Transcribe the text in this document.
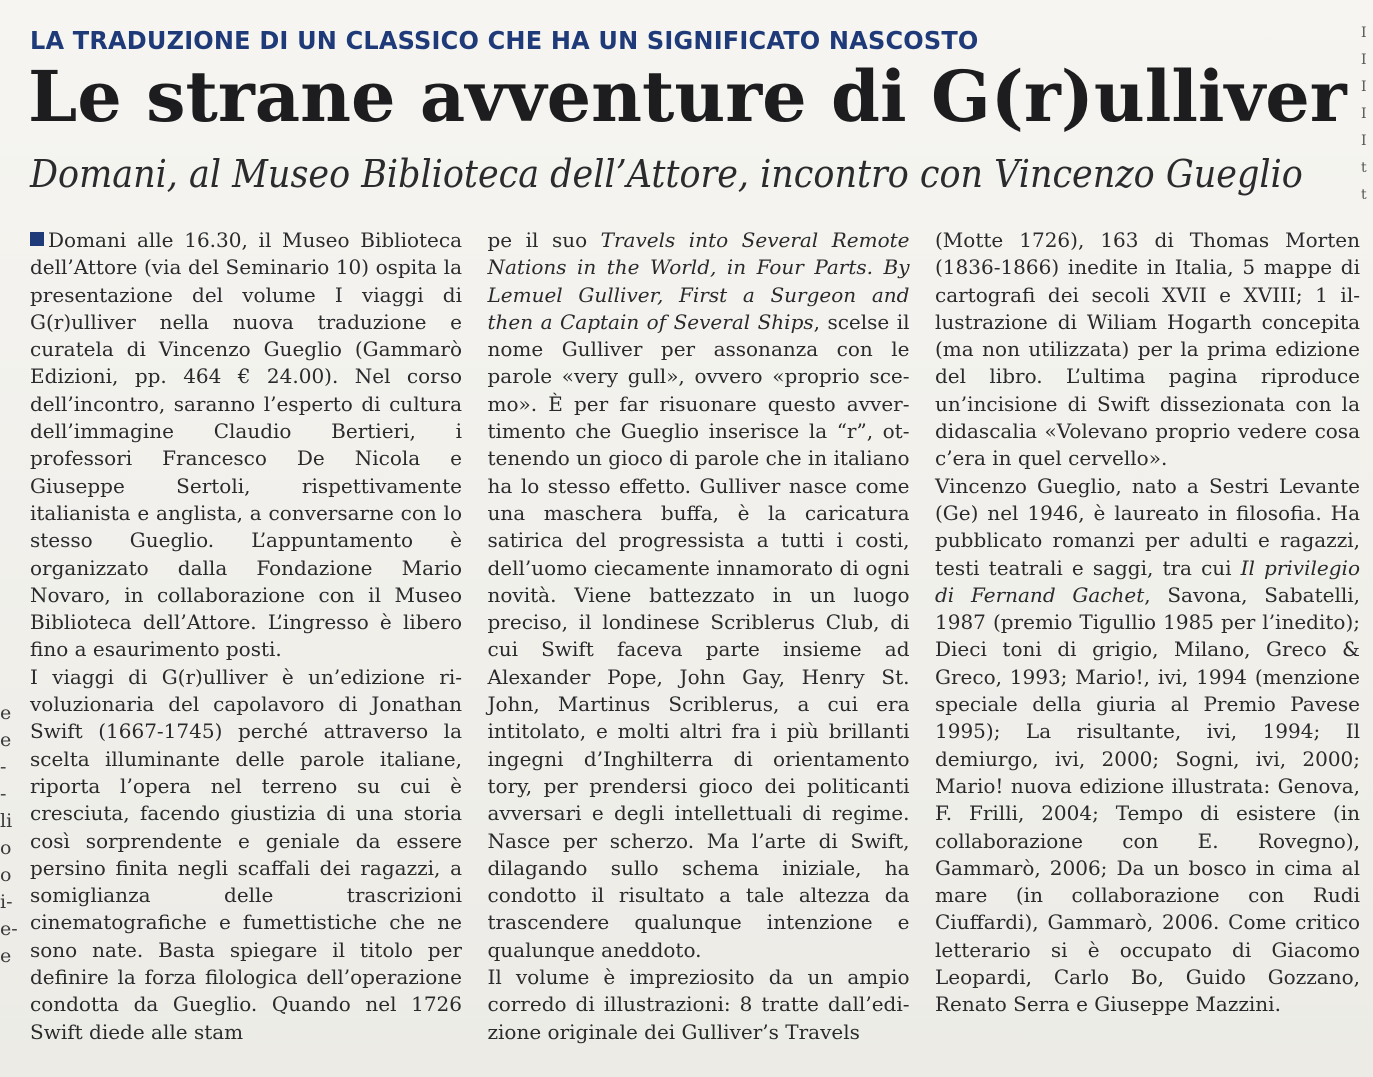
LA TRADUZIONE DI UN CLASSICO CHE HA UN SIGNIFICATO NASCOSTO
Le strane avventure di G(r)ulliver
Domani, al Museo Biblioteca dell’Attore, incontro con Vincenzo Gueglio

Domani alle 16.30, il Museo Biblioteca dell’Attore (via del Seminario 10) ospita la presentazione del volume I viaggi di G(r)ulliver nella nuova traduzione e curatela di Vincenzo Gueglio (Gammarò Edizioni, pp. 464 € 24.00). Nel corso dell’incontro, saranno l’esperto di cultura dell’immagine Claudio Bertieri, i professori Francesco De Nicola e Giuseppe Sertoli, rispettivamente italianista e anglista, a conversarne con lo stesso Gueglio. L’appuntamento è organizzato dalla Fondazione Mario Novaro, in collaborazione con il Museo Biblioteca dell’Attore. L’ingresso è libero fino a esaurimento posti.

I viaggi di G(r)ulliver è un’edizione rivoluzionaria del capolavoro di Jonathan Swift (1667-1745) perché attraverso la scelta illuminante delle parole italiane, riporta l’opera nel terreno su cui è cresciuta, facendo giustizia di una storia così sorprendente e geniale da essere persino finita negli scaffali dei ragazzi, a somiglianza delle trascrizioni cinematografiche e fumettistiche che ne sono nate. Basta spiegare il titolo per definire la forza filologica dell’operazione condotta da Gueglio. Quando nel 1726 Swift diede alle stam

pe il suo Travels into Several Remote Nations in the World, in Four Parts. By Lemuel Gulliver, First a Surgeon and then a Captain of Several Ships, scelse il nome Gulliver per assonanza con le parole «very gull», ovvero «proprio scemo». È per far risuonare questo avvertimento che Gueglio inserisce la “r”, ottenendo un gioco di parole che in italiano ha lo stesso effetto. Gulliver nasce come una maschera buffa, è la caricatura satirica del progressista a tutti i costi, dell’uomo ciecamente innamorato di ogni novità. Viene battezzato in un luogo preciso, il londinese Scriblerus Club, di cui Swift faceva parte insieme ad Alexander Pope, John Gay, Henry St. John, Martinus Scriblerus, a cui era intitolato, e molti altri fra i più brillanti ingegni d’Inghilterra di orientamento tory, per prendersi gioco dei politicanti avversari e degli intellettuali di regime. Nasce per scherzo. Ma l’arte di Swift, dilagando sullo schema iniziale, ha condotto il risultato a tale altezza da trascendere qualunque intenzione e qualunque aneddoto.

Il volume è impreziosito da un ampio corredo di illustrazioni: 8 tratte dall’edizione originale dei Gulliver’s Travels

(Motte 1726), 163 di Thomas Morten (1836-1866) inedite in Italia, 5 mappe di cartografi dei secoli XVII e XVIII; 1 illustrazione di Wiliam Hogarth concepita (ma non utilizzata) per la prima edizione del libro. L’ultima pagina riproduce un’incisione di Swift dissezionata con la didascalia «Volevano proprio vedere cosa c’era in quel cervello».

Vincenzo Gueglio, nato a Sestri Levante (Ge) nel 1946, è laureato in filosofia. Ha pubblicato romanzi per adulti e ragazzi, testi teatrali e saggi, tra cui Il privilegio di Fernand Gachet, Savona, Sabatelli, 1987 (premio Tigullio 1985 per l’inedito); Dieci toni di grigio, Milano, Greco & Greco, 1993; Mario!, ivi, 1994 (menzione speciale della giuria al Premio Pavese 1995); La risultante, ivi, 1994; Il demiurgo, ivi, 2000; Sogni, ivi, 2000; Mario! nuova edizione illustrata: Genova, F. Frilli, 2004; Tempo di esistere (in collaborazione con E. Rovegno), Gammarò, 2006; Da un bosco in cima al mare (in collaborazione con Rudi Ciuffardi), Gammarò, 2006. Come critico letterario si è occupato di Giacomo Leopardi, Carlo Bo, Guido Gozzano, Renato Serra e Giuseppe Mazzini.

e
e
-
-
li
o
o
i-
e-
e
I
I
I
I
I
t
t
